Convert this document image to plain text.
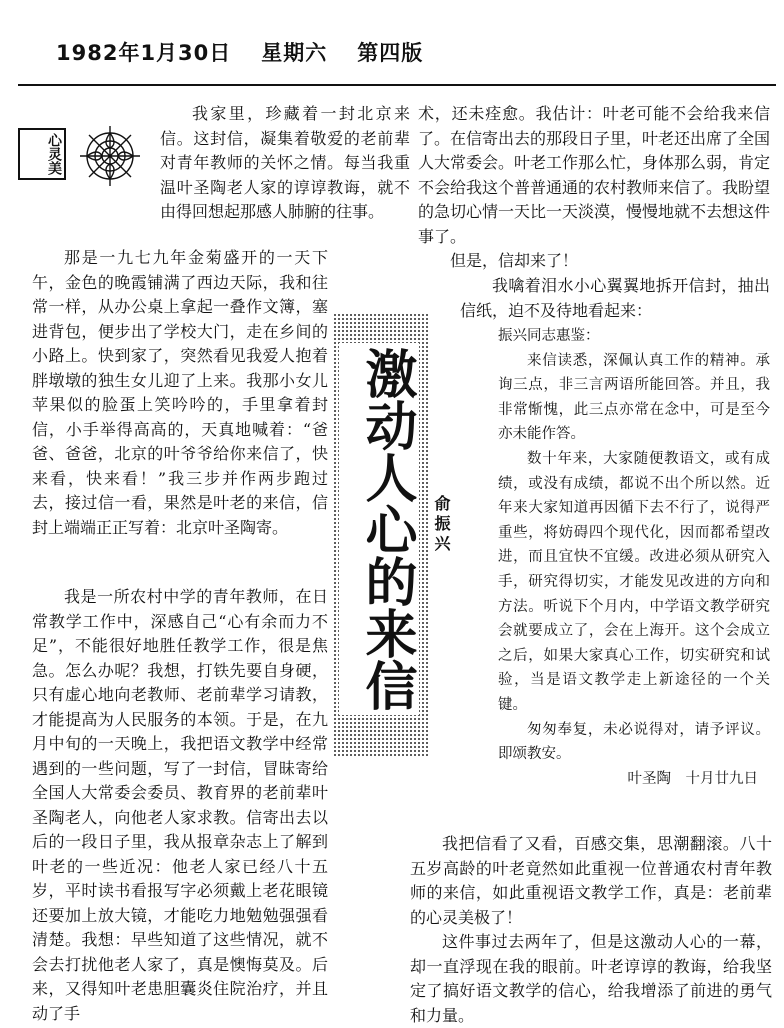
1982年1月30日 星期六 第四版
心灵美

我家里，珍藏着一封北京来信。这封信，凝集着敬爱的老前辈对青年教师的关怀之情。每当我重温叶圣陶老人家的谆谆教诲，就不由得回想起那感人肺腑的往事。

那是一九七九年金菊盛开的一天下午，金色的晚霞铺满了西边天际，我和往常一样，从办公桌上拿起一叠作文簿，塞进背包，便步出了学校大门，走在乡间的小路上。快到家了，突然看见我爱人抱着胖墩墩的独生女儿迎了上来。我那小女儿苹果似的脸蛋上笑吟吟的，手里拿着封信，小手举得高高的，天真地喊着：“爸爸、爸爸，北京的叶爷爷给你来信了，快来看，快来看！”我三步并作两步跑过去，接过信一看，果然是叶老的来信，信封上端端正正写着：北京叶圣陶寄。

我是一所农村中学的青年教师，在日常教学工作中，深感自己“心有余而力不足”，不能很好地胜任教学工作，很是焦急。怎么办呢？我想，打铁先要自身硬，只有虚心地向老教师、老前辈学习请教，才能提高为人民服务的本领。于是，在九月中旬的一天晚上，我把语文教学中经常遇到的一些问题，写了一封信，冒昧寄给全国人大常委会委员、教育界的老前辈叶圣陶老人，向他老人家求教。信寄出去以后的一段日子里，我从报章杂志上了解到叶老的一些近况：他老人家已经八十五岁，平时读书看报写字必须戴上老花眼镜还要加上放大镜，才能吃力地勉勉强强看清楚。我想：早些知道了这些情况，就不会去打扰他老人家了，真是懊悔莫及。后来，又得知叶老患胆囊炎住院治疗，并且动了手

激动人心的来信 俞振兴

术，还未痊愈。我估计：叶老可能不会给我来信了。在信寄出去的那段日子里，叶老还出席了全国人大常委会。叶老工作那么忙，身体那么弱，肯定不会给我这个普普通通的农村教师来信了。我盼望的急切心情一天比一天淡漠，慢慢地就不去想这件事了。

但是，信却来了！

我噙着泪水小心翼翼地拆开信封，抽出信纸，迫不及待地看起来：

振兴同志惠鉴：

来信读悉，深佩认真工作的精神。承询三点，非三言两语所能回答。并且，我非常惭愧，此三点亦常在念中，可是至今亦未能作答。

数十年来，大家随便教语文，或有成绩，或没有成绩，都说不出个所以然。近年来大家知道再因循下去不行了，说得严重些，将妨碍四个现代化，因而都希望改进，而且宜快不宜缓。改进必须从研究入手，研究得切实，才能发见改进的方向和方法。听说下个月内，中学语文教学研究会就要成立了，会在上海开。这个会成立之后，如果大家真心工作，切实研究和试验，当是语文教学走上新途径的一个关键。

匆匆奉复，未必说得对，请予评议。即颂教安。

叶圣陶　十月廿九日

我把信看了又看，百感交集，思潮翻滚。八十五岁高龄的叶老竟然如此重视一位普通农村青年教师的来信，如此重视语文教学工作，真是：老前辈的心灵美极了！

这件事过去两年了，但是这激动人心的一幕，却一直浮现在我的眼前。叶老谆谆的教诲，给我坚定了搞好语文教学的信心，给我增添了前进的勇气和力量。
